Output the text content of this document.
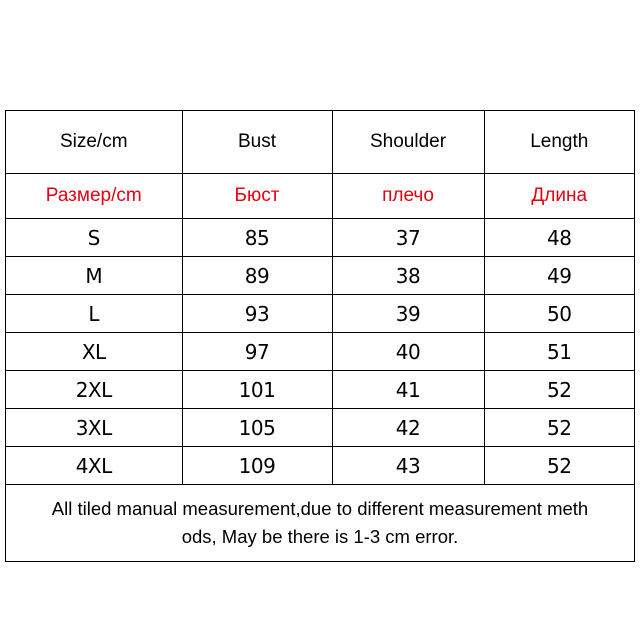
Size/cm	Bust	Shoulder	Length
Размер/cm	Бюст	плечо	Длина
S	85	37	48
M	89	38	49
L	93	39	50
XL	97	40	51
2XL	101	41	52
3XL	105	42	52
4XL	109	43	52

All tiled manual measurement,due to different measurement meth
ods, May be there is 1-3 cm error.			
